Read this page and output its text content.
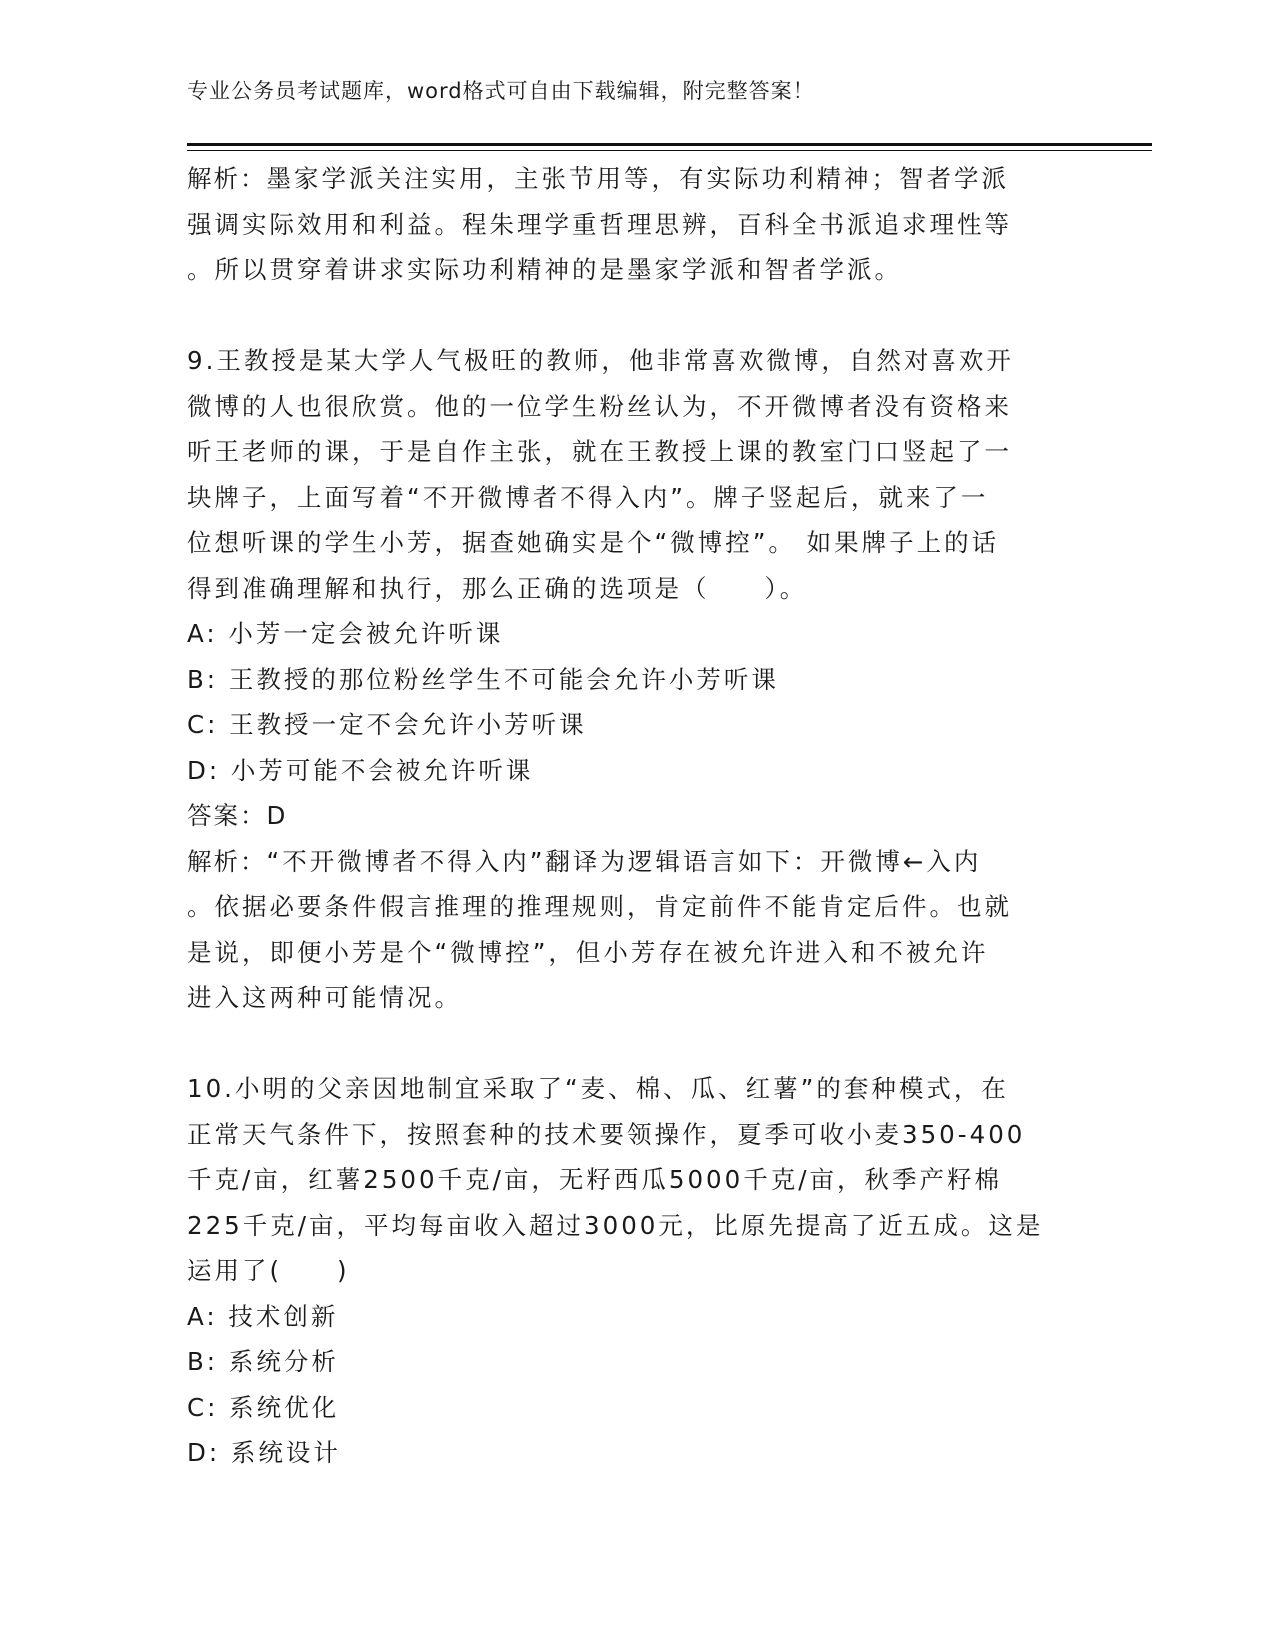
专业公务员考试题库，word格式可自由下载编辑，附完整答案！
解析：墨家学派关注实用，主张节用等，有实际功利精神；智者学派
强调实际效用和利益。程朱理学重哲理思辨，百科全书派追求理性等
。所以贯穿着讲求实际功利精神的是墨家学派和智者学派。
9.王教授是某大学人气极旺的教师，他非常喜欢微博，自然对喜欢开
微博的人也很欣赏。他的一位学生粉丝认为，不开微博者没有资格来
听王老师的课，于是自作主张，就在王教授上课的教室门口竖起了一
块牌子，上面写着“不开微博者不得入内”。牌子竖起后，就来了一
位想听课的学生小芳，据查她确实是个“微博控”。 如果牌子上的话
得到准确理解和执行，那么正确的选项是（　　）。
A: 小芳一定会被允许听课
B: 王教授的那位粉丝学生不可能会允许小芳听课
C: 王教授一定不会允许小芳听课
D: 小芳可能不会被允许听课
答案：D
解析：“不开微博者不得入内”翻译为逻辑语言如下：开微博←入内
。依据必要条件假言推理的推理规则，肯定前件不能肯定后件。也就
是说，即便小芳是个“微博控”，但小芳存在被允许进入和不被允许
进入这两种可能情况。
10.小明的父亲因地制宜采取了“麦、棉、瓜、红薯”的套种模式，在
正常天气条件下，按照套种的技术要领操作，夏季可收小麦350-400
千克/亩，红薯2500千克/亩，无籽西瓜5000千克/亩，秋季产籽棉
225千克/亩，平均每亩收入超过3000元，比原先提高了近五成。这是
运用了(　　)
A: 技术创新
B: 系统分析
C: 系统优化
D: 系统设计
